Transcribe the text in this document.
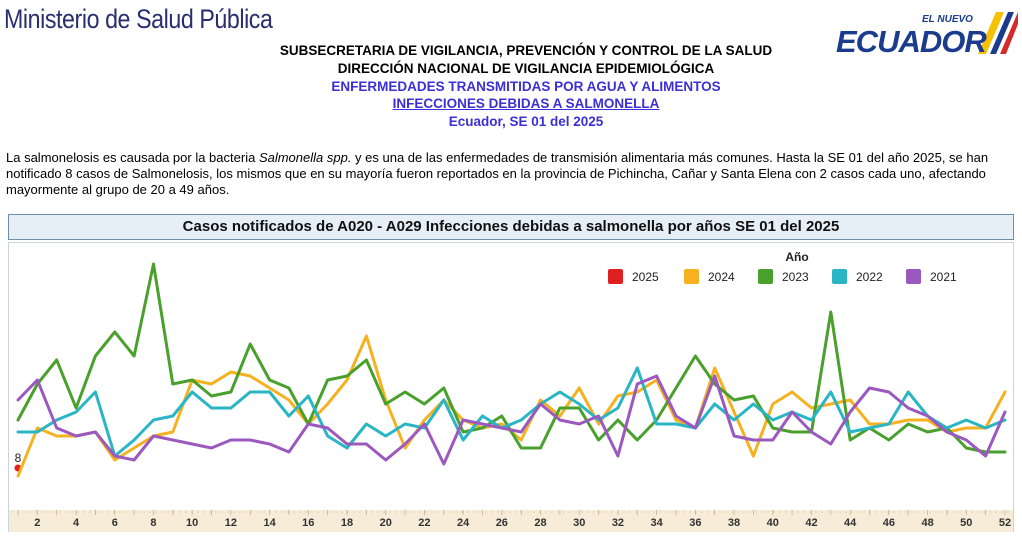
Ministerio de Salud Pública	EL NUEVO
ECUADOR
SUBSECRETARIA DE VIGILANCIA, PREVENCIÓN Y CONTROL DE LA SALUD
DIRECCIÓN NACIONAL DE VIGILANCIA EPIDEMIOLÓGICA
ENFERMEDADES TRANSMITIDAS POR AGUA Y ALIMENTOS
INFECCIONES DEBIDAS A SALMONELLA
Ecuador, SE 01 del 2025
La salmonelosis es causada por la bacteria Salmonella spp. y es una de las enfermedades de transmisión alimentaria más comunes. Hasta la SE 01 del año 2025, se han notificado 8 casos de Salmonelosis, los mismos que en su mayoría fueron reportados en la provincia de Pichincha, Cañar y Santa Elena con 2 casos cada uno, afectando mayormente al grupo de 20 a 49 años.
Casos notificados de A020 - A029 Infecciones debidas a salmonella por años SE 01 del 2025
2	4	6	8	10 12 14 16 18 20 22 24 26 28 30 32 34 36 38 40 42 44 46 48 50 52
8
Año
2025	2024	2023	2022	2021
